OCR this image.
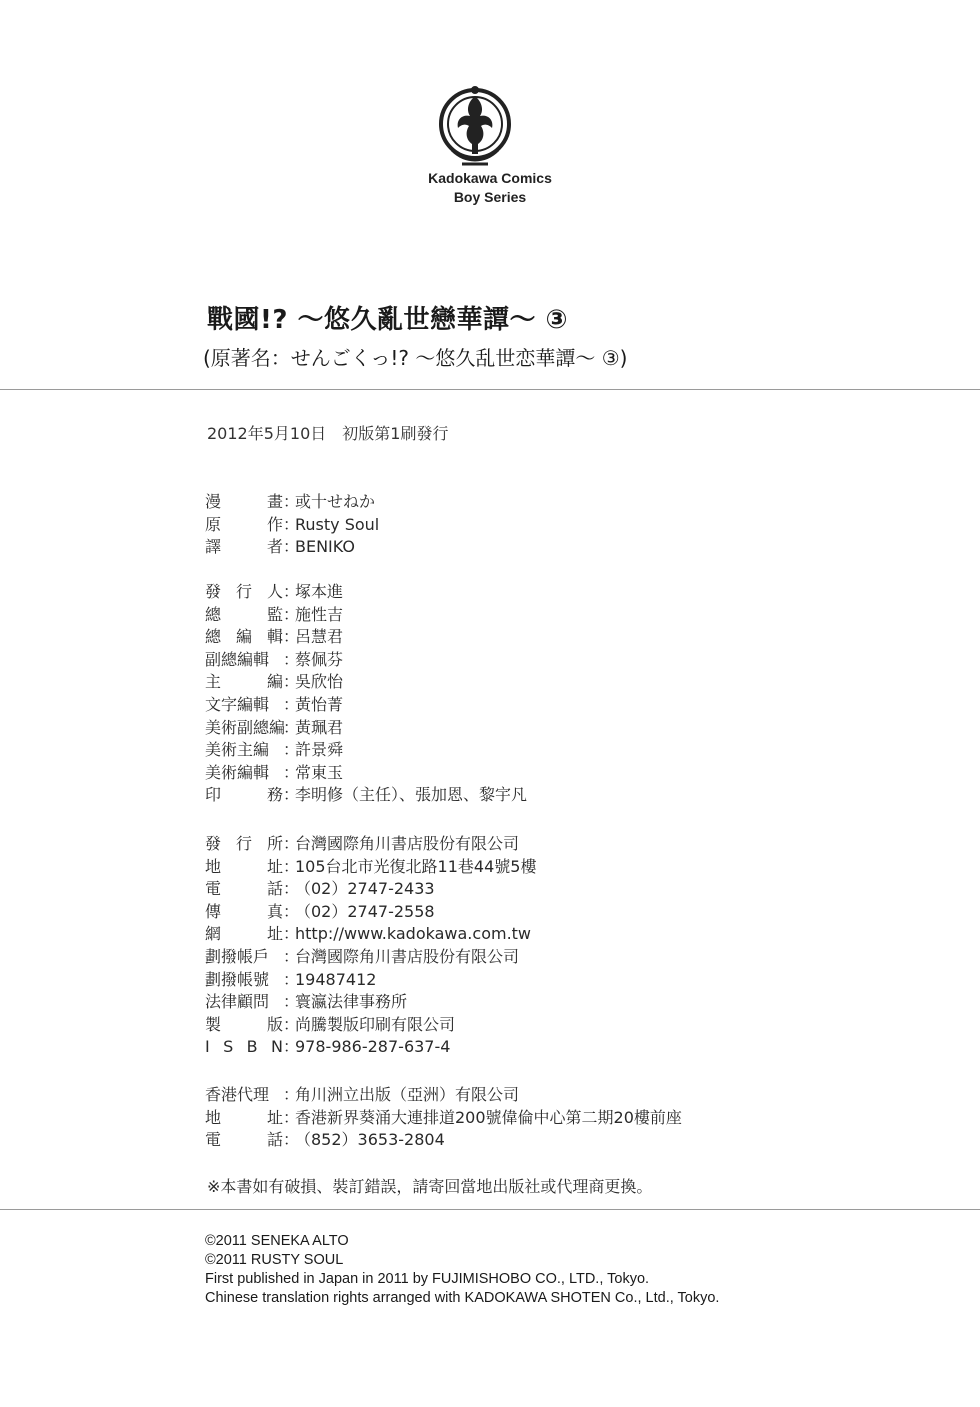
Kadokawa Comics
Boy Series
戰國!? ～悠久亂世戀華譚～ ③
(原著名：せんごくっ!? ～悠久乱世恋華譚～ ③)
2012年5月10日　初版第1刷發行
漫	畫 ：
或十せねか
原	作 ：
Rusty Soul
譯	者 ：
BENIKO
發 行 人 ：
塚本進
總	監 ：
施性吉
總 編 輯 ：
呂慧君
副總編輯 ：
蔡佩芬
主	編 ：
吳欣怡
文字編輯 ：
黃怡菁
美術副總編
：
黃珮君
美術主編 ：
許景舜
美術編輯 ：
常東玉
印	務 ：
李明修（主任）、張加恩、黎宇凡
發 行 所 ：
台灣國際角川書店股份有限公司
地	址 ：
105台北市光復北路11巷44號5樓
電	話 ：
（02）2747-2433
傳	真 ：
（02）2747-2558
網	址 ：
http://www.kadokawa.com.tw
劃撥帳戶 ：
台灣國際角川書店股份有限公司
劃撥帳號 ：
19487412
法律顧問 ：
寰瀛法律事務所
製	版 ：
尚騰製版印刷有限公司
I S B N ：
978-986-287-637-4
香港代理 ：
角川洲立出版（亞洲）有限公司
地	址 ：
香港新界葵涌大連排道200號偉倫中心第二期20樓前座
電	話 ：
（852）3653-2804
※本書如有破損、裝訂錯誤，請寄回當地出版社或代理商更換。
©2011 SENEKA ALTO
©2011 RUSTY SOUL
First published in Japan in 2011 by FUJIMISHOBO CO., LTD., Tokyo.
Chinese translation rights arranged with KADOKAWA SHOTEN Co., Ltd., Tokyo.
